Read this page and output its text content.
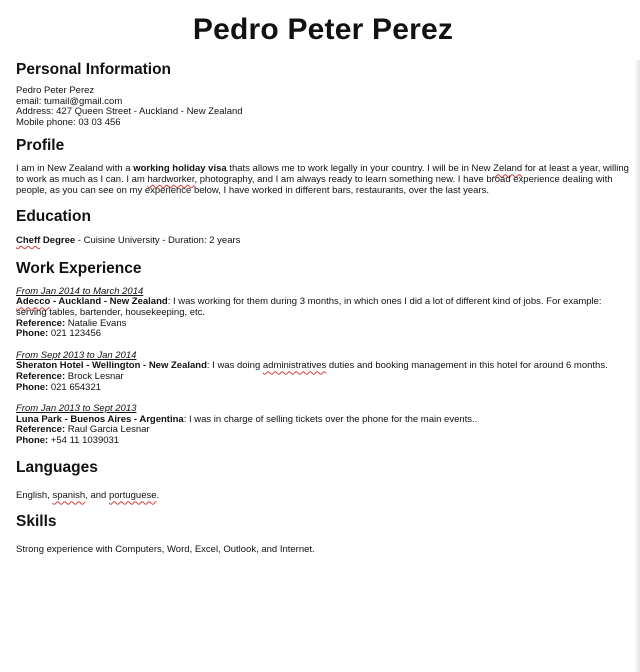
Pedro Peter Perez
Personal Information

Pedro Peter Perez

email: tumail@gmail.com

Address: 427 Queen Street - Auckland - New Zealand

Mobile phone: 03 03 456

Profile

I am in New Zealand with a working holiday visa thats allows me to work legally in your country. I will be in New Zeland for at least a year, willing to work as much as I can. I am hardworker, photography, and I am always ready to learn something new. I have broad experience dealing with people, as you can see on my experience below, I have worked in different bars, restaurants, over the last years.

Education

Cheff Degree - Cuisine University - Duration: 2 years

Work Experience

From Jan 2014 to March 2014

Adecco - Auckland - New Zealand: I was working for them during 3 months, in which ones I did a lot of different kind of jobs. For example: serving tables, bartender, housekeeping, etc.

Reference: Natalie Evans

Phone: 021 123456

From Sept 2013 to Jan 2014

Sheraton Hotel - Wellington - New Zealand: I was doing administratives duties and booking management in this hotel for around 6 months.

Reference: Brock Lesnar

Phone: 021 654321

From Jan 2013 to Sept 2013

Luna Park - Buenos Aires - Argentina: I was in charge of selling tickets over the phone for the main events..

Reference: Raul Garcia Lesnar

Phone: +54 11 1039031

Languages

English, spanish, and portuguese.

Skills

Strong experience with Computers, Word, Excel, Outlook, and Internet.
